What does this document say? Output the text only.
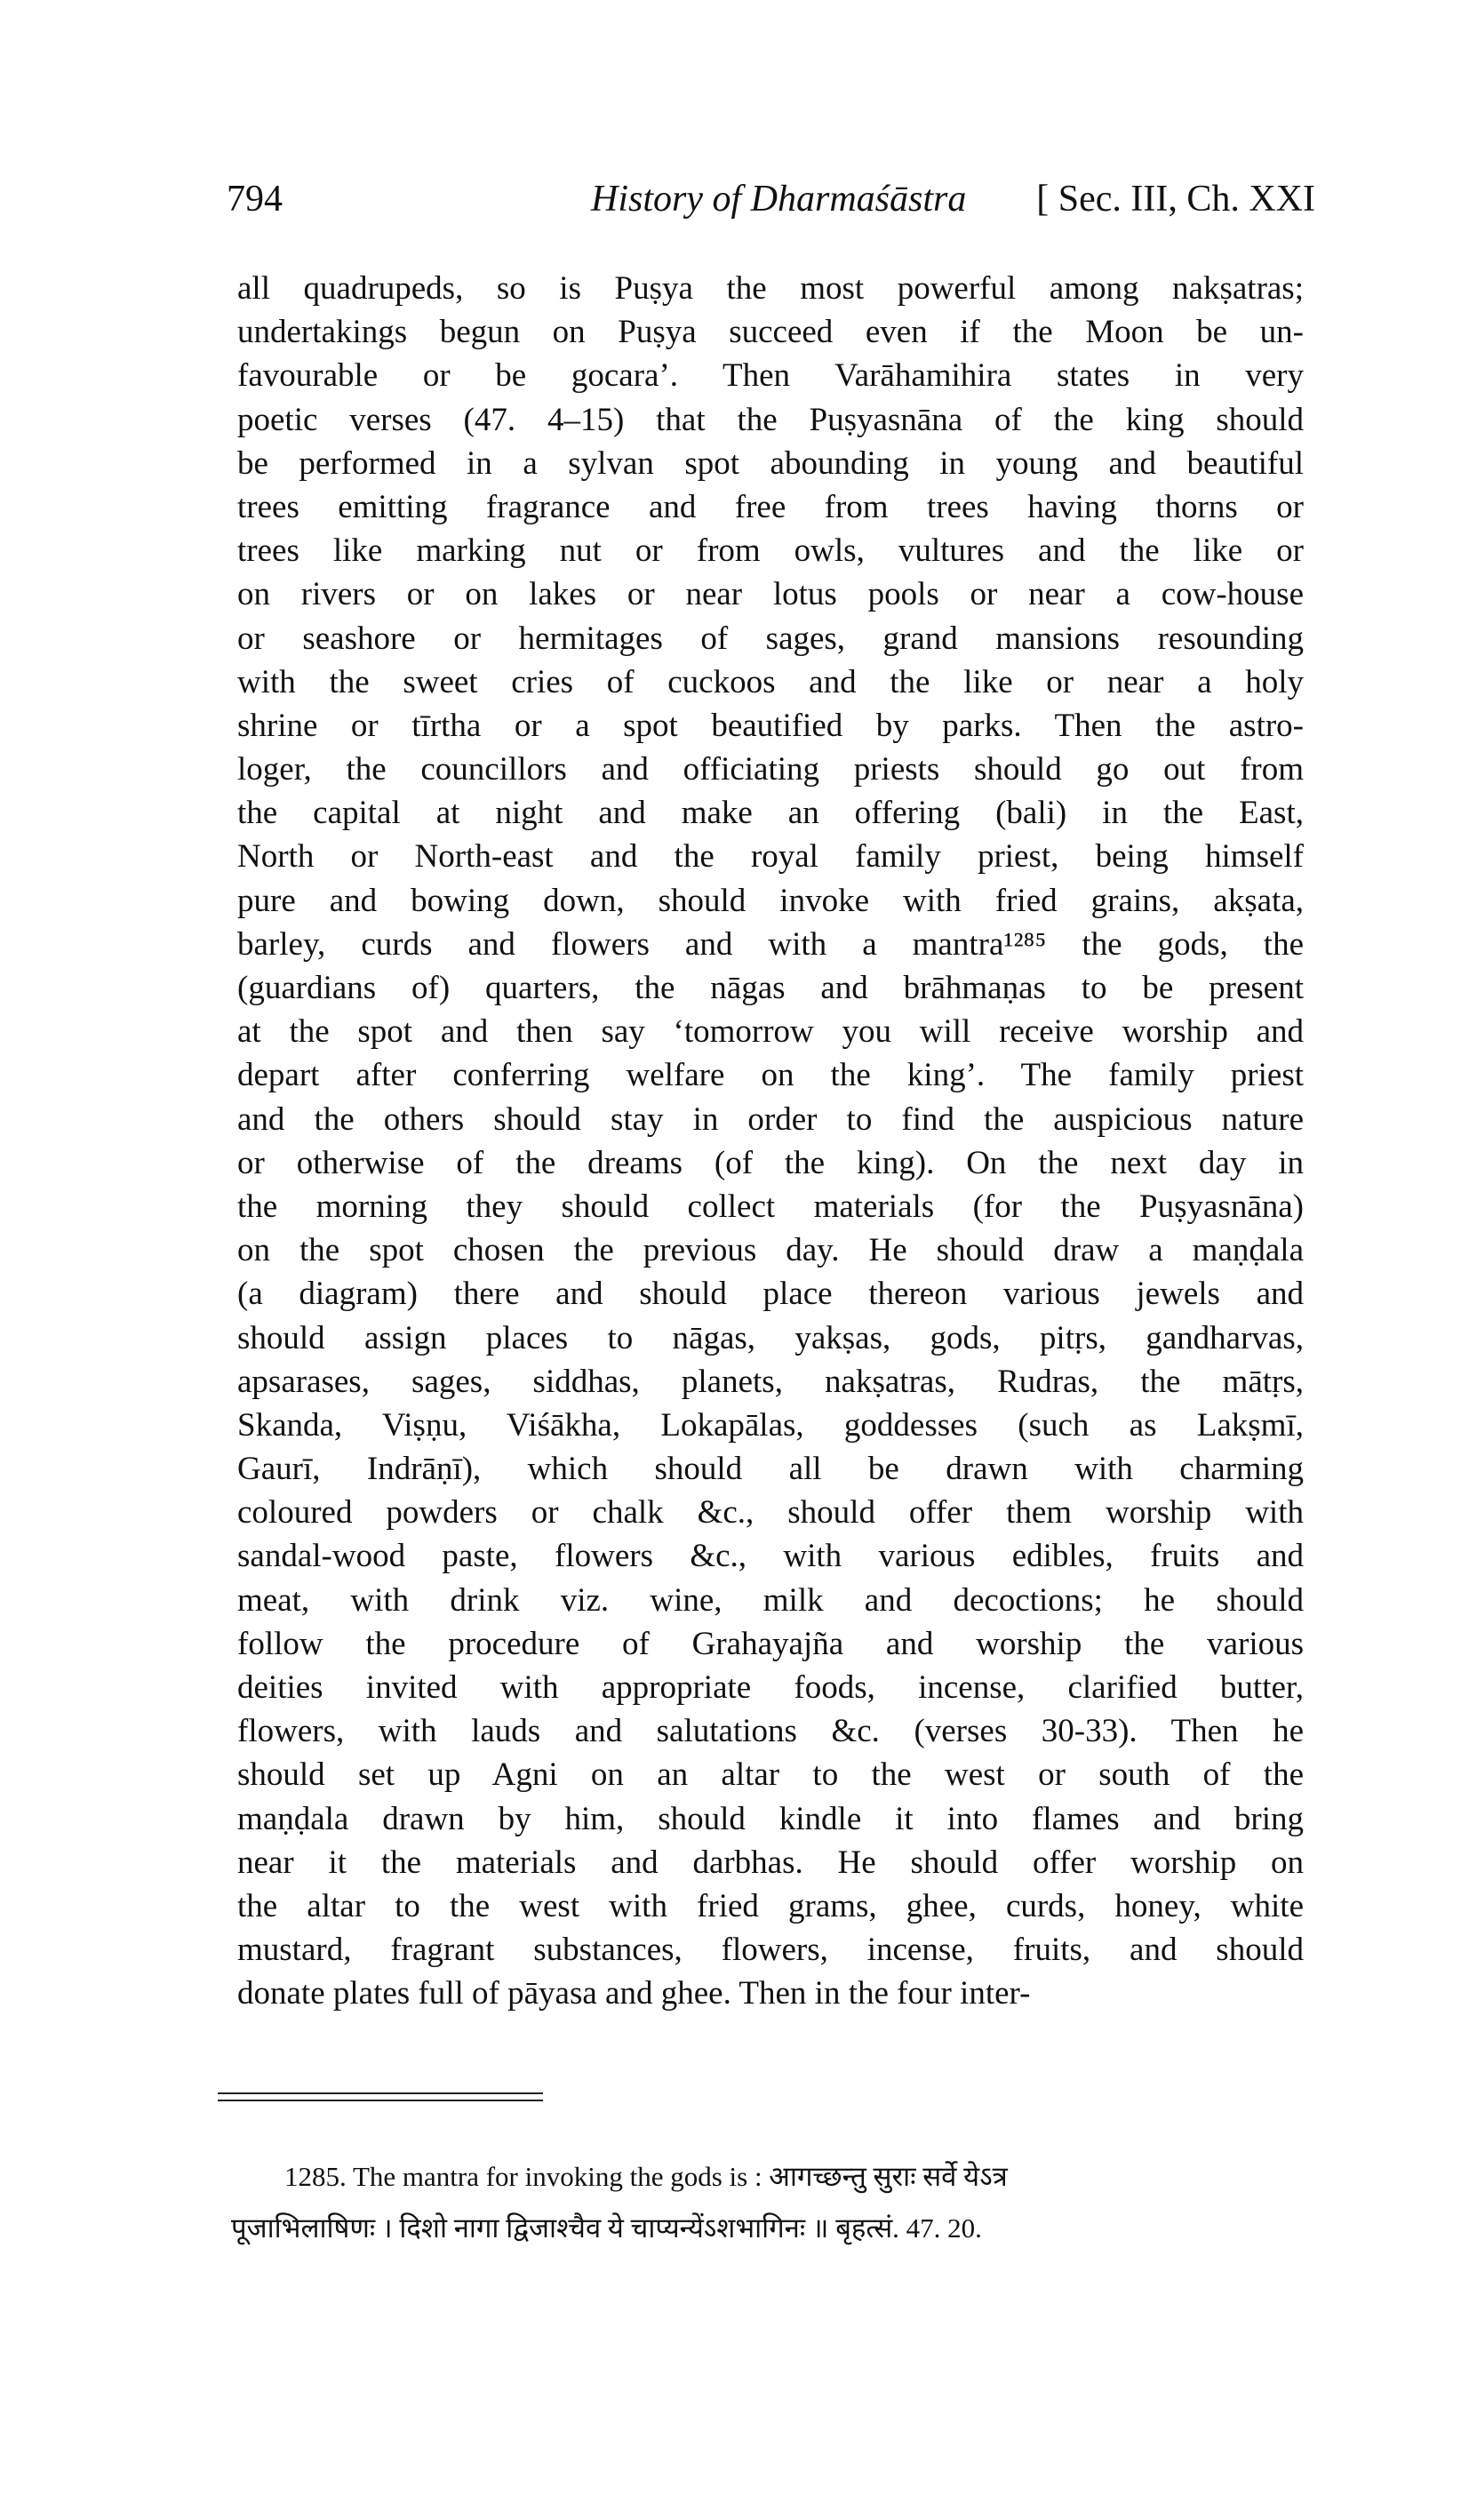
794	History of Dharmaśāstra [ Sec. III, Ch. XXI
all quadrupeds, so is Puṣya the most powerful among nakṣatras;
undertakings begun on Puṣya succeed even if the Moon be un-
favourable or be gocara’. Then Varāhamihira states in very
poetic verses (47. 4–15) that the Puṣyasnāna of the king should
be performed in a sylvan spot abounding in young and beautiful
trees emitting fragrance and free from trees having thorns or
trees like marking nut or from owls, vultures and the like or
on rivers or on lakes or near lotus pools or near a cow-house
or seashore or hermitages of sages, grand mansions resounding
with the sweet cries of cuckoos and the like or near a holy
shrine or tīrtha or a spot beautified by parks. Then the astro-
loger, the councillors and officiating priests should go out from
the capital at night and make an offering (bali) in the East,
North or North-east and the royal family priest, being himself
pure and bowing down, should invoke with fried grains, akṣata,
barley, curds and flowers and with a mantra¹²⁸⁵ the gods, the
(guardians of) quarters, the nāgas and brāhmaṇas to be present
at the spot and then say ‘tomorrow you will receive worship and
depart after conferring welfare on the king’. The family priest
and the others should stay in order to find the auspicious nature
or otherwise of the dreams (of the king). On the next day in
the morning they should collect materials (for the Puṣyasnāna)
on the spot chosen the previous day. He should draw a maṇḍala
(a diagram) there and should place thereon various jewels and
should assign places to nāgas, yakṣas, gods, pitṛs, gandharvas,
apsarases, sages, siddhas, planets, nakṣatras, Rudras, the mātṛs,
Skanda, Viṣṇu, Viśākha, Lokapālas, goddesses (such as Lakṣmī,
Gaurī, Indrāṇī), which should all be drawn with charming
coloured powders or chalk &c., should offer them worship with
sandal-wood paste, flowers &c., with various edibles, fruits and
meat, with drink viz. wine, milk and decoctions; he should
follow the procedure of Grahayajña and worship the various
deities invited with appropriate foods, incense, clarified butter,
flowers, with lauds and salutations &c. (verses 30-33). Then he
should set up Agni on an altar to the west or south of the
maṇḍala drawn by him, should kindle it into flames and bring
near it the materials and darbhas. He should offer worship on
the altar to the west with fried grams, ghee, curds, honey, white
mustard, fragrant substances, flowers, incense, fruits, and should
donate plates full of pāyasa and ghee. Then in the four inter-
1285. The mantra for invoking the gods is : आगच्छन्तु सुराः सर्वे येऽत्र
पूजाभिलाषिणः । दिशो नागा द्विजाश्चैव ये चाप्यन्येंऽशभागिनः ॥ बृहत्सं. 47. 20.
